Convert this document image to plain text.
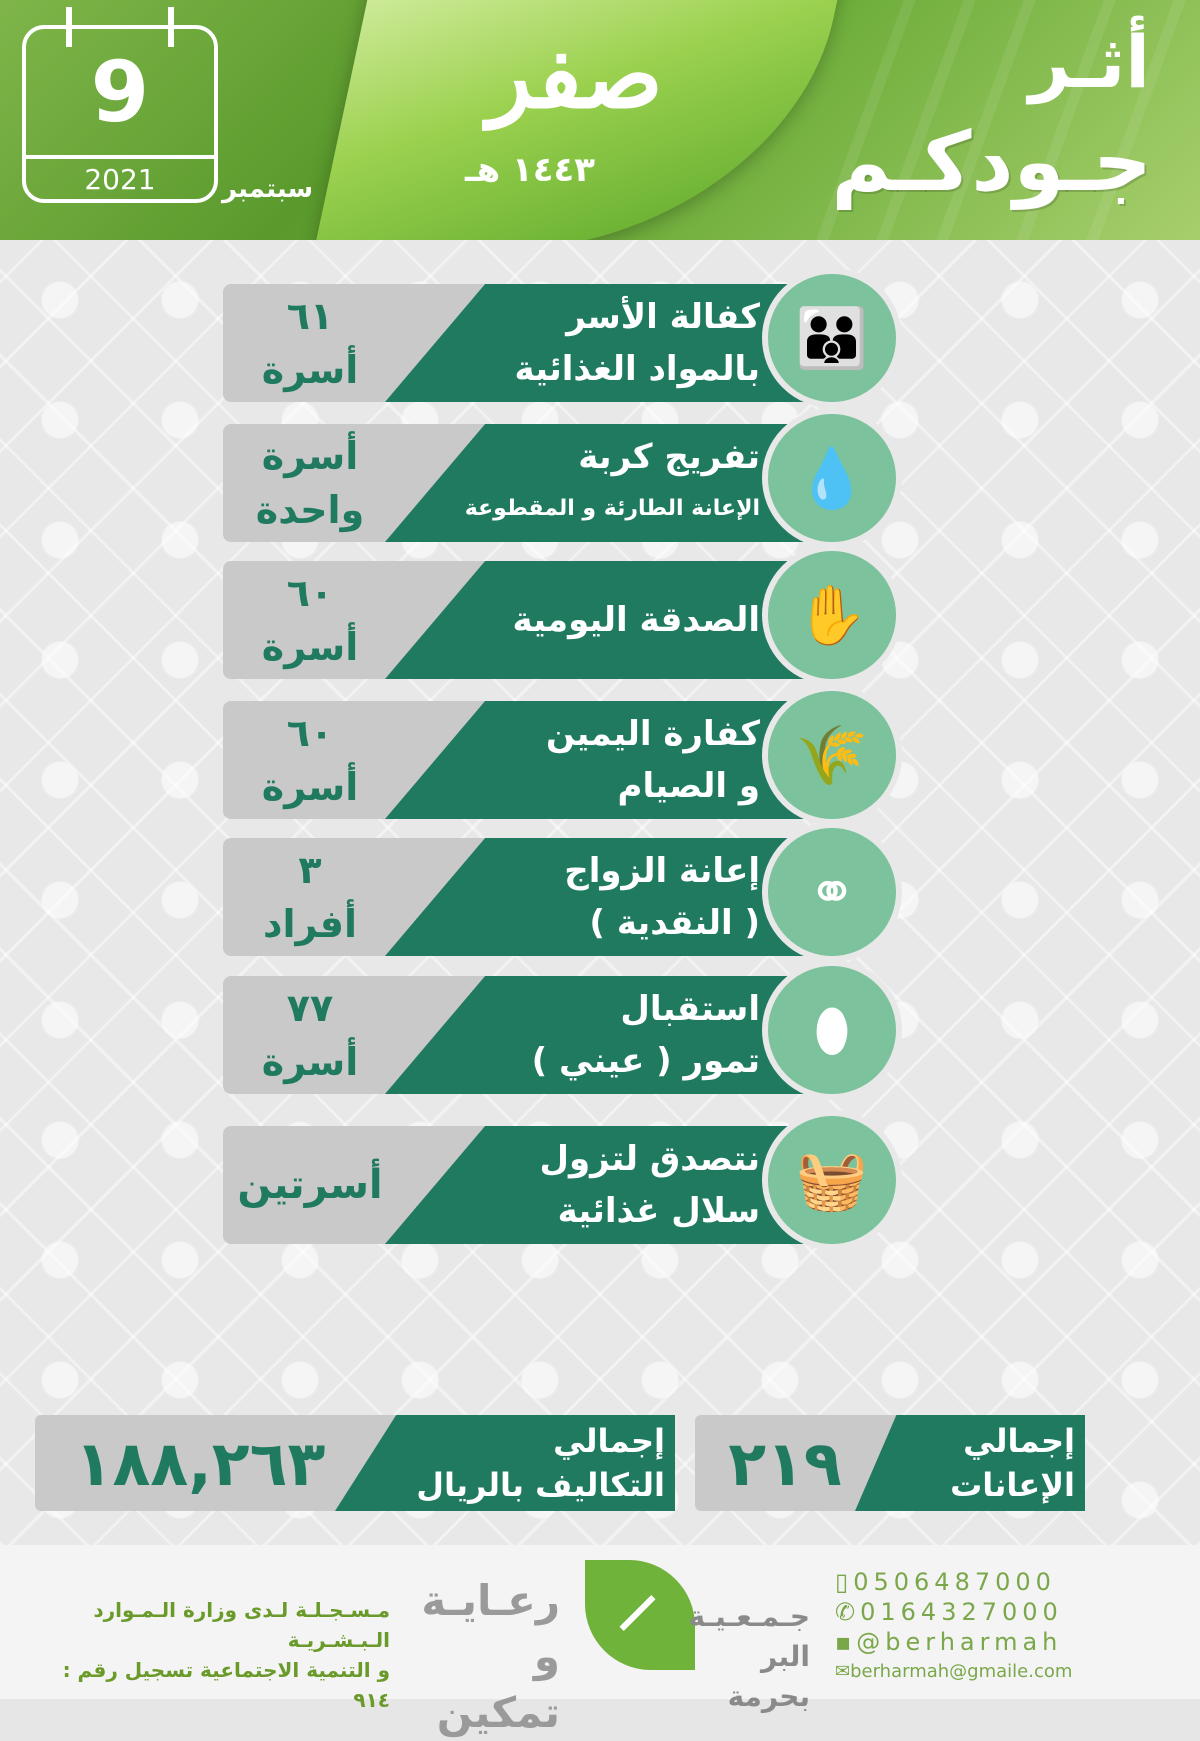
صفر
١٤٤٣ هـ
أثـر
جـودكـم
9
2021	سبتمبر
كفالة الأسر
بالمواد الغذائية
٦١
أسرة	👪
تفريج كربة
الإعانة الطارئة و المقطوعة
أسرة
واحدة	💧
الصدقة اليومية
٦٠
أسرة	✋
كفارة اليمين
و الصيام
٦٠
أسرة	🌾
إعانة الزواج
( النقدية )
٣
أفراد	⚭
استقبال
تمور ( عيني )
٧٧
أسرة	⬮
نتصدق لتزول
سلال غذائية
أسرتين	🧺
إجمالي
الإعانات
٢١٩
إجمالي
التكاليف بالريال
١٨٨,٢٦٣
مـسـجـلـة لـدى وزارة الـمـوارد الـبـشـريـة
و التنمية الاجتماعية تسجيل رقم : ٩١٤
رعـايـة
و تمكين
جـمـعـيـة
البر بحرمة
▯0506487000
✆0164327000
▪@berharmah
✉berharmah@gmaile.com
